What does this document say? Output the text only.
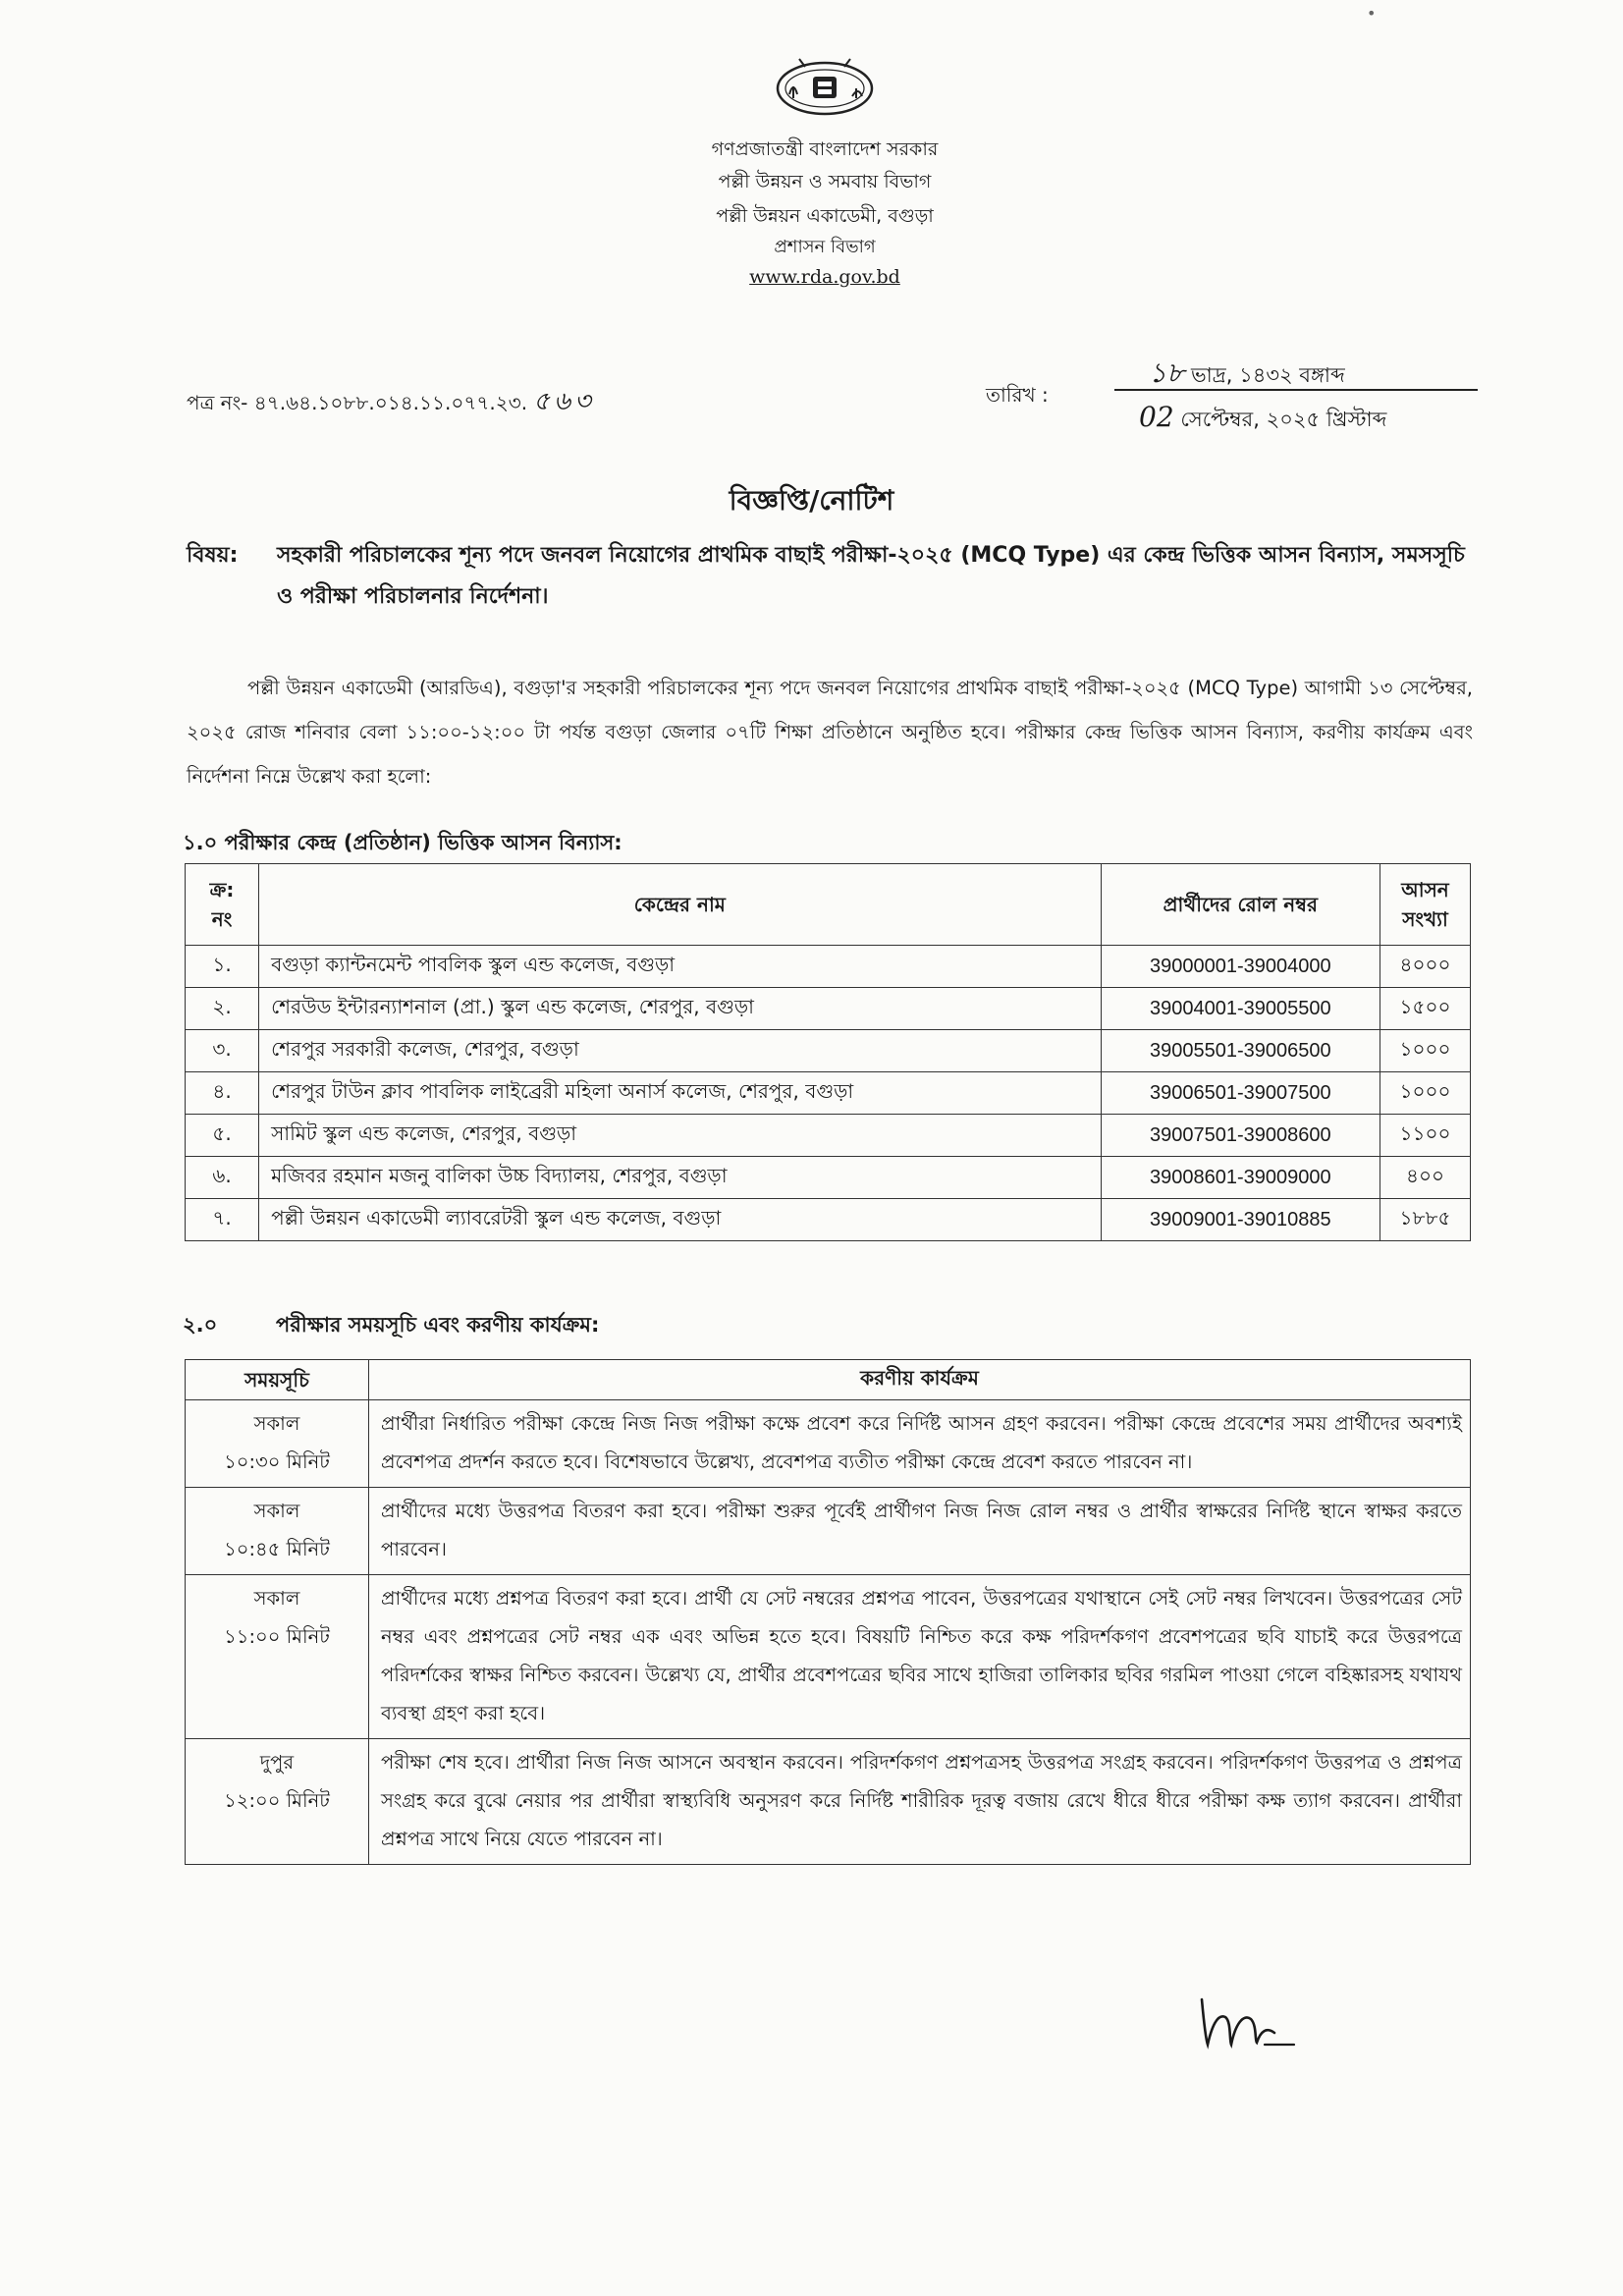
•
গণপ্রজাতন্ত্রী বাংলাদেশ সরকার
পল্লী উন্নয়ন ও সমবায় বিভাগ
পল্লী উন্নয়ন একাডেমী, বগুড়া
প্রশাসন বিভাগ
www.rda.gov.bd
পত্র নং- ৪৭.৬৪.১০৮৮.০১৪.১১.০৭৭.২৩. ৫৬৩	তারিখ :
১৮ ভাদ্র, ১৪৩২ বঙ্গাব্দ
02 সেপ্টেম্বর, ২০২৫ খ্রিস্টাব্দ
বিজ্ঞপ্তি/নোটিশ
বিষয়: সহকারী পরিচালকের শূন্য পদে জনবল নিয়োগের প্রাথমিক বাছাই পরীক্ষা-২০২৫ (MCQ Type) এর কেন্দ্র ভিত্তিক আসন বিন্যাস, সমসসূচি ও পরীক্ষা পরিচালনার নির্দেশনা।
পল্লী উন্নয়ন একাডেমী (আরডিএ), বগুড়া'র সহকারী পরিচালকের শূন্য পদে জনবল নিয়োগের প্রাথমিক বাছাই পরীক্ষা-২০২৫ (MCQ Type) আগামী ১৩ সেপ্টেম্বর, ২০২৫ রোজ শনিবার বেলা ১১:০০-১২:০০ টা পর্যন্ত বগুড়া জেলার ০৭টি শিক্ষা প্রতিষ্ঠানে অনুষ্ঠিত হবে। পরীক্ষার কেন্দ্র ভিত্তিক আসন বিন্যাস, করণীয় কার্যক্রম এবং নির্দেশনা নিম্নে উল্লেখ করা হলো:
১.০ পরীক্ষার কেন্দ্র (প্রতিষ্ঠান) ভিত্তিক আসন বিন্যাস:
ক্র:
নং	কেন্দ্রের নাম	প্রার্থীদের রোল নম্বর	আসন
সংখ্যা
১.	বগুড়া ক্যান্টনমেন্ট পাবলিক স্কুল এন্ড কলেজ, বগুড়া	39000001-39004000	৪০০০
২.	শেরউড ইন্টারন্যাশনাল (প্রা.) স্কুল এন্ড কলেজ, শেরপুর, বগুড়া	39004001-39005500	১৫০০
৩.	শেরপুর সরকারী কলেজ, শেরপুর, বগুড়া	39005501-39006500	১০০০
৪.	শেরপুর টাউন ক্লাব পাবলিক লাইব্রেরী মহিলা অনার্স কলেজ, শেরপুর, বগুড়া	39006501-39007500	১০০০
৫.	সামিট স্কুল এন্ড কলেজ, শেরপুর, বগুড়া	39007501-39008600	১১০০
৬.	মজিবর রহমান মজনু বালিকা উচ্চ বিদ্যালয়, শেরপুর, বগুড়া	39008601-39009000	৪০০
৭.	পল্লী উন্নয়ন একাডেমী ল্যাবরেটরী স্কুল এন্ড কলেজ, বগুড়া	39009001-39010885	১৮৮৫
২.০	পরীক্ষার সময়সূচি এবং করণীয় কার্যক্রম:
সময়সূচি	করণীয় কার্যক্রম
সকাল
১০:৩০ মিনিট	প্রার্থীরা নির্ধারিত পরীক্ষা কেন্দ্রে নিজ নিজ পরীক্ষা কক্ষে প্রবেশ করে নির্দিষ্ট আসন গ্রহণ করবেন। পরীক্ষা কেন্দ্রে প্রবেশের সময় প্রার্থীদের অবশ্যই প্রবেশপত্র প্রদর্শন করতে হবে। বিশেষভাবে উল্লেখ্য, প্রবেশপত্র ব্যতীত পরীক্ষা কেন্দ্রে প্রবেশ করতে পারবেন না।
সকাল
১০:৪৫ মিনিট	প্রার্থীদের মধ্যে উত্তরপত্র বিতরণ করা হবে। পরীক্ষা শুরুর পূর্বেই প্রার্থীগণ নিজ নিজ রোল নম্বর ও প্রার্থীর স্বাক্ষরের নির্দিষ্ট স্থানে স্বাক্ষর করতে পারবেন।
সকাল
১১:০০ মিনিট	প্রার্থীদের মধ্যে প্রশ্নপত্র বিতরণ করা হবে। প্রার্থী যে সেট নম্বরের প্রশ্নপত্র পাবেন, উত্তরপত্রের যথাস্থানে সেই সেট নম্বর লিখবেন। উত্তরপত্রের সেট নম্বর এবং প্রশ্নপত্রের সেট নম্বর এক এবং অভিন্ন হতে হবে। বিষয়টি নিশ্চিত করে কক্ষ পরিদর্শকগণ প্রবেশপত্রের ছবি যাচাই করে উত্তরপত্রে পরিদর্শকের স্বাক্ষর নিশ্চিত করবেন। উল্লেখ্য যে, প্রার্থীর প্রবেশপত্রের ছবির সাথে হাজিরা তালিকার ছবির গরমিল পাওয়া গেলে বহিষ্কারসহ যথাযথ ব্যবস্থা গ্রহণ করা হবে।
দুপুর
১২:০০ মিনিট	পরীক্ষা শেষ হবে। প্রার্থীরা নিজ নিজ আসনে অবস্থান করবেন। পরিদর্শকগণ প্রশ্নপত্রসহ উত্তরপত্র সংগ্রহ করবেন। পরিদর্শকগণ উত্তরপত্র ও প্রশ্নপত্র সংগ্রহ করে বুঝে নেয়ার পর প্রার্থীরা স্বাস্থ্যবিধি অনুসরণ করে নির্দিষ্ট শারীরিক দূরত্ব বজায় রেখে ধীরে ধীরে পরীক্ষা কক্ষ ত্যাগ করবেন। প্রার্থীরা প্রশ্নপত্র সাথে নিয়ে যেতে পারবেন না।
